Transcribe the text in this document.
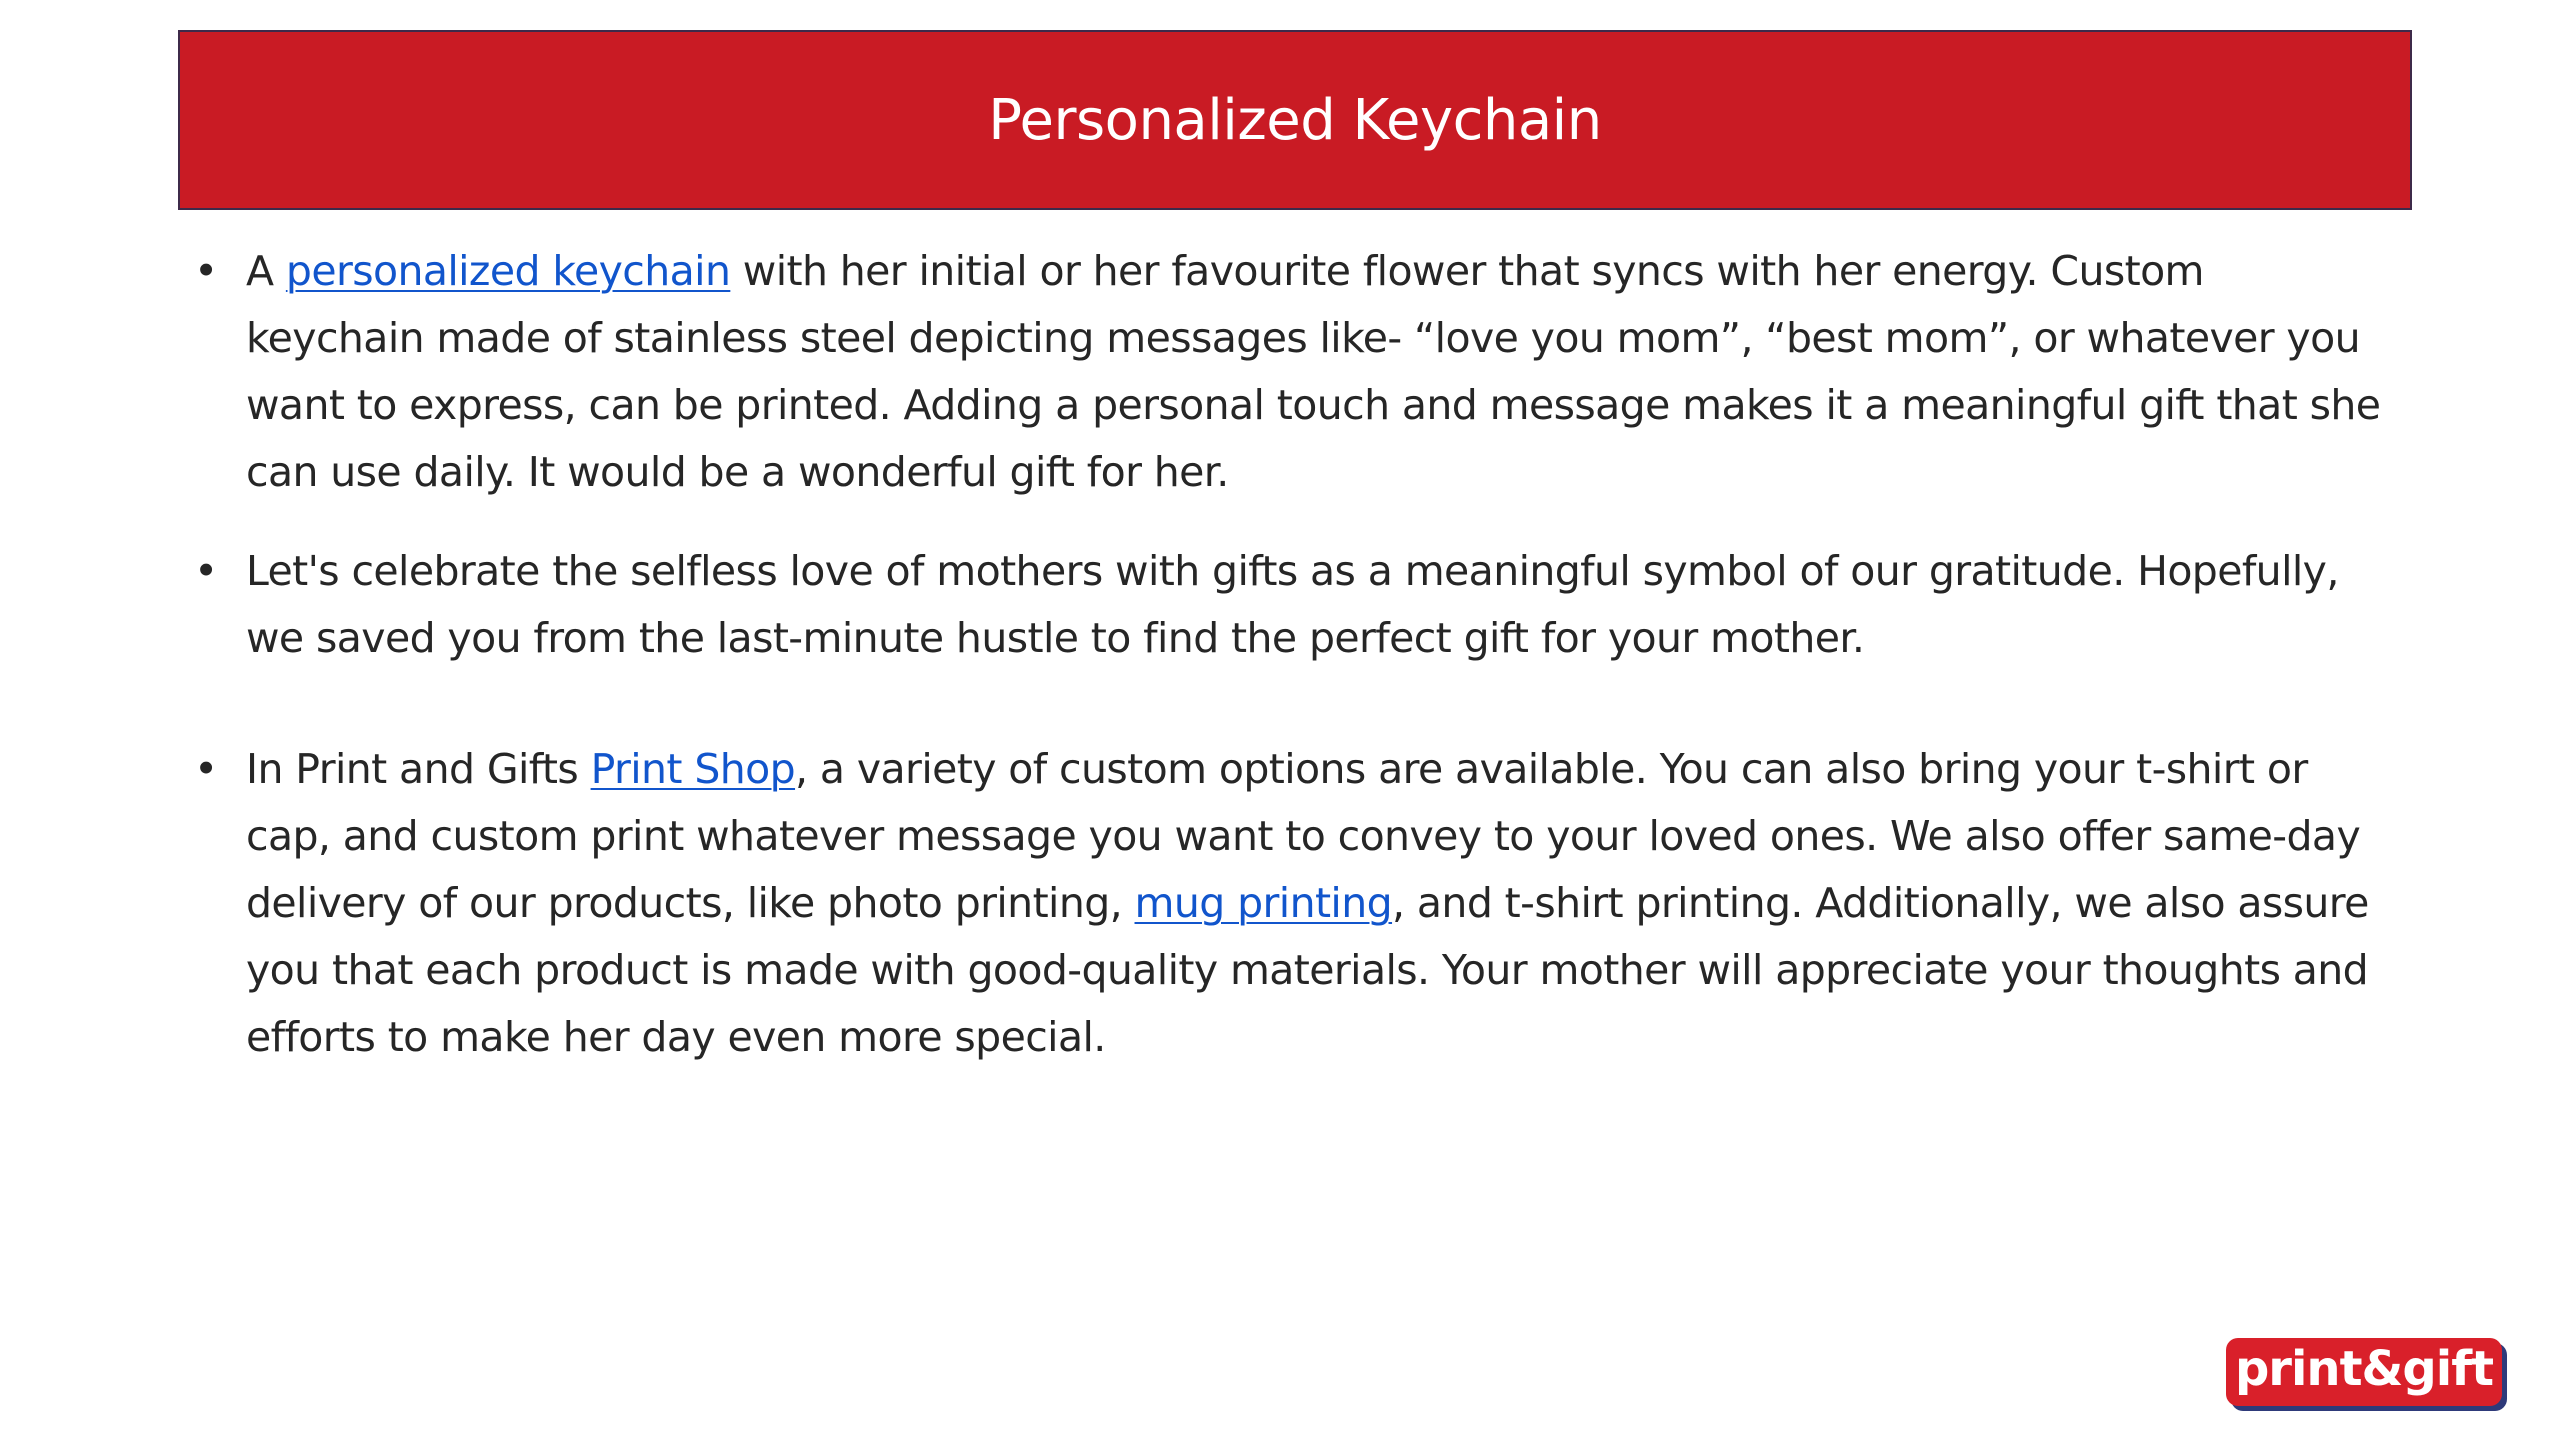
Personalized Keychain
• A personalized keychain with her initial or her favourite flower that syncs with her energy. Custom keychain made of stainless steel depicting messages like- “love you mom”, “best mom”, or whatever you want to express, can be printed. Adding a personal touch and message makes it a meaningful gift that she can use daily. It would be a wonderful gift for her.
• Let's celebrate the selfless love of mothers with gifts as a meaningful symbol of our gratitude. Hopefully, we saved you from the last-minute hustle to find the perfect gift for your mother.
• In Print and Gifts Print Shop, a variety of custom options are available. You can also bring your t-shirt or cap, and custom print whatever message you want to convey to your loved ones. We also offer same-day delivery of our products, like photo printing, mug printing, and t-shirt printing. Additionally, we also assure you that each product is made with good-quality materials. Your mother will appreciate your thoughts and efforts to make her day even more special.
print&gift
